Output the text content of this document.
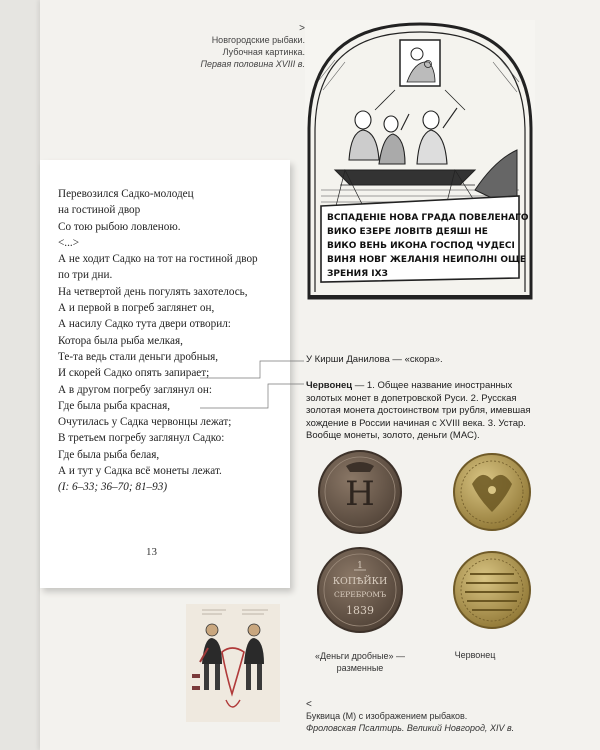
>
Новгородские рыбаки.
Лубочная картинка.
Первая половина XVIII в.
ВСПАДЕНIЕ НОВА ГРАДА ПОВЕЛЕНАГО
ВИКО ЕЗЕРЕ ЛОВІТВ ДЕЯШІ НЕ
ВИКО ВЕНЬ ИКОНА ГОСПОД ЧУДЕСІ
ВИНЯ НОВГ ЖЕЛАНІЯ НЕИПОЛНІ ОЩЕ
ЗРЕНИЯ ІХЗ
Перевозился Садко-молодец
на гостиной двор
Со тою рыбою ловленою.
<...>
А не ходит Садко на тот на гостиной двор
по три дни.
На четвертой день погулять захотелось,
А и первой в погреб заглянет он,
А насилу Садко тута двери отворил:
Котора была рыба мелкая,
Те-та ведь стали деньги дробныя,
И скорей Садко опять запирает;
А в другом погребу заглянул он:
Где была рыба красная,
Очутилась у Садка червонцы лежат;
В третьем погребу заглянул Садко:
Где была рыба белая,
А и тут у Садка всё монеты лежат.
(I: 6–33; 36–70; 81–93)
13
У Кирши Данилова — «скора».
Червонец — 1. Общее название иностранных золотых монет в допетровской Руси. 2. Русская золотая монета достоинством три рубля, имевшая хождение в России начиная с XVIII века. 3. Устар. Вообще монеты, золото, деньги (МАС).
Н
1
КОПѢЙКИ
СЕРЕБРОМЪ
1839
«Деньги дробные» —
разменные
Червонец
<
Буквица (М) с изображением рыбаков.
Фроловская Псалтирь. Великий Новгород, XIV в.
